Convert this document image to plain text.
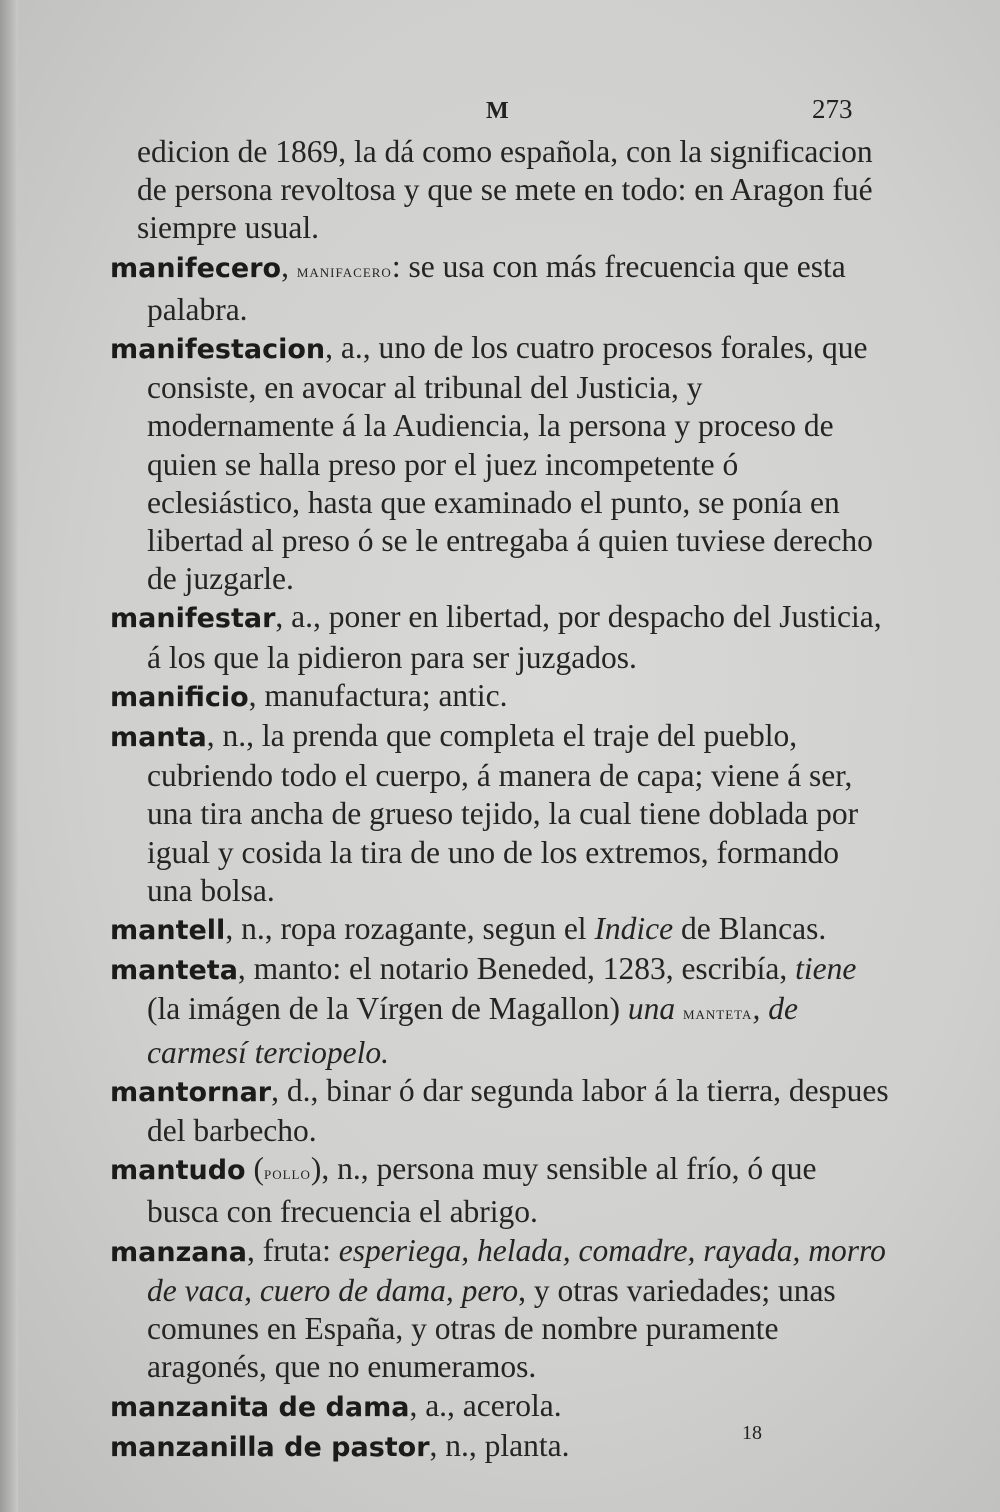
M	273

edicion de 1869, la dá como española, con la significacion de persona revoltosa y que se mete en todo: en Aragon fué siempre usual.

manifecero, manifacero: se usa con más frecuencia que esta palabra.

manifestacion, a., uno de los cuatro procesos forales, que consiste, en avocar al tribunal del Justicia, y modernamente á la Audiencia, la persona y proceso de quien se halla preso por el juez incompetente ó eclesiástico, hasta que examinado el punto, se ponía en libertad al preso ó se le entregaba á quien tuviese derecho de juzgarle.

manifestar, a., poner en libertad, por despacho del Justicia, á los que la pidieron para ser juzgados.

manificio, manufactura; antic.

manta, n., la prenda que completa el traje del pueblo, cubriendo todo el cuerpo, á manera de capa; viene á ser, una tira ancha de grueso tejido, la cual tiene doblada por igual y cosida la tira de uno de los extremos, formando una bolsa.

mantell, n., ropa rozagante, segun el Indice de Blancas.

manteta, manto: el notario Beneded, 1283, escribía, tiene (la imágen de la Vírgen de Magallon) una manteta, de carmesí terciopelo.

mantornar, d., binar ó dar segunda labor á la tierra, despues del barbecho.

mantudo (pollo), n., persona muy sensible al frío, ó que busca con frecuencia el abrigo.

manzana, fruta: esperiega, helada, comadre, rayada, morro de vaca, cuero de dama, pero, y otras variedades; unas comunes en España, y otras de nombre puramente aragonés, que no enumeramos.

manzanita de dama, a., acerola.

manzanilla de pastor, n., planta.	18
